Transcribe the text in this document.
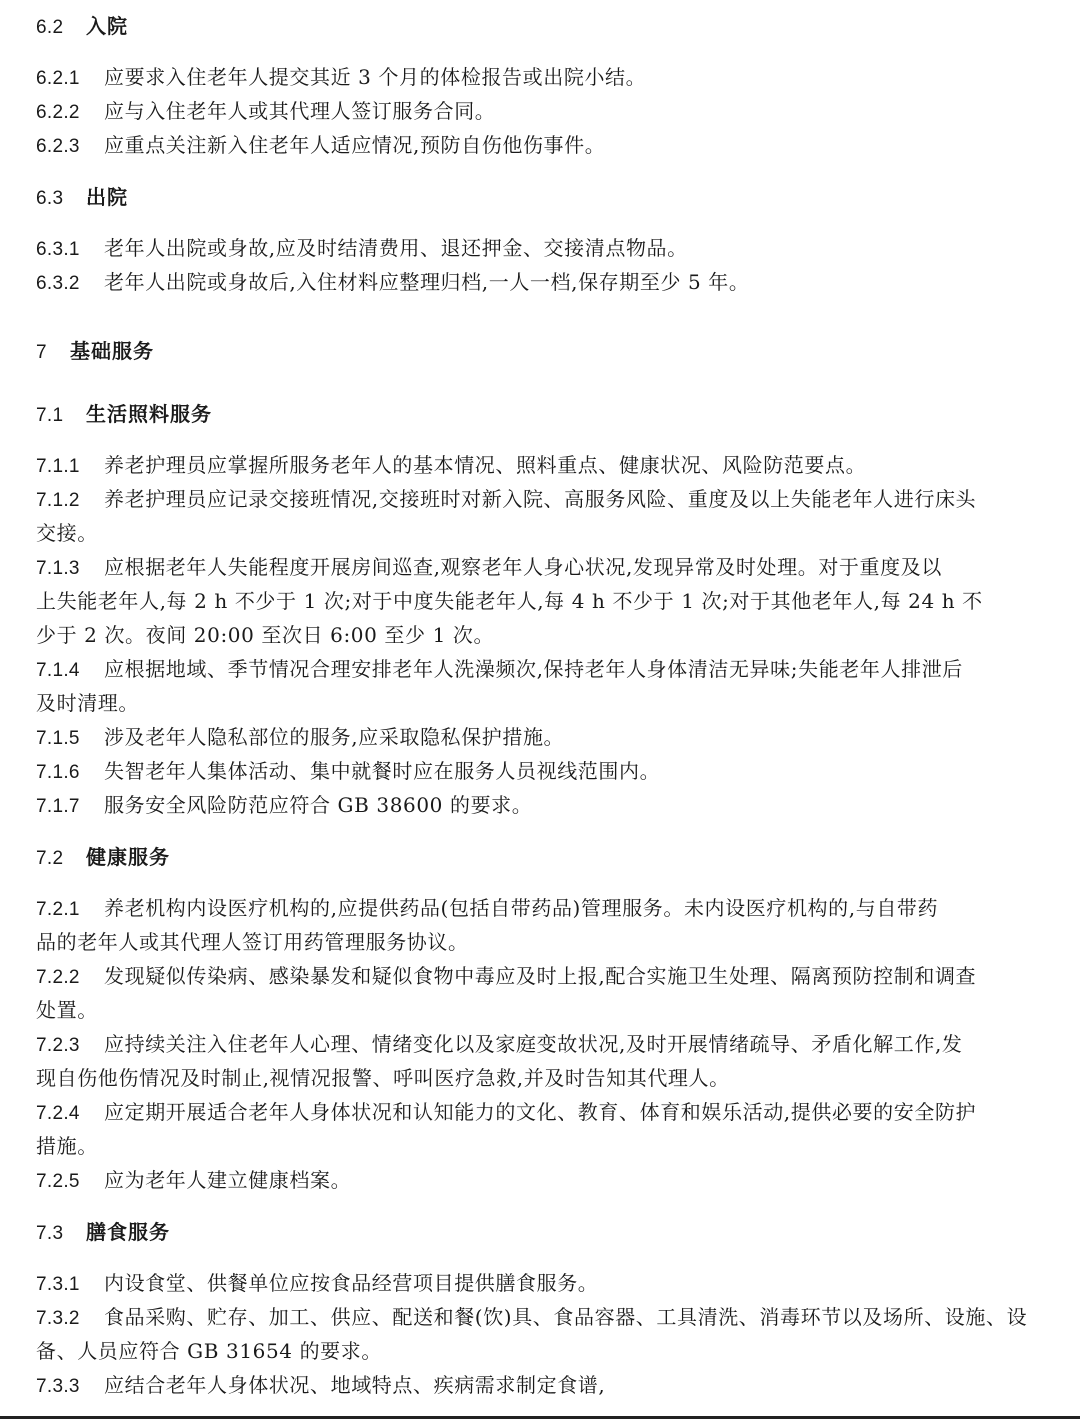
6.2 入院
6.2.1 应要求入住老年人提交其近 3 个月的体检报告或出院小结。
6.2.2 应与入住老年人或其代理人签订服务合同。
6.2.3 应重点关注新入住老年人适应情况,预防自伤他伤事件。
6.3 出院
6.3.1 老年人出院或身故,应及时结清费用、退还押金、交接清点物品。
6.3.2 老年人出院或身故后,入住材料应整理归档,一人一档,保存期至少 5 年。
7 基础服务
7.1 生活照料服务
7.1.1 养老护理员应掌握所服务老年人的基本情况、照料重点、健康状况、风险防范要点。
7.1.2 养老护理员应记录交接班情况,交接班时对新入院、高服务风险、重度及以上失能老年人进行床头
交接。
7.1.3 应根据老年人失能程度开展房间巡查,观察老年人身心状况,发现异常及时处理。对于重度及以
上失能老年人,每 2 h 不少于 1 次;对于中度失能老年人,每 4 h 不少于 1 次;对于其他老年人,每 24 h 不
少于 2 次。夜间 20:00 至次日 6:00 至少 1 次。
7.1.4 应根据地域、季节情况合理安排老年人洗澡频次,保持老年人身体清洁无异味;失能老年人排泄后
及时清理。
7.1.5 涉及老年人隐私部位的服务,应采取隐私保护措施。
7.1.6 失智老年人集体活动、集中就餐时应在服务人员视线范围内。
7.1.7 服务安全风险防范应符合 GB 38600 的要求。
7.2 健康服务
7.2.1 养老机构内设医疗机构的,应提供药品(包括自带药品)管理服务。未内设医疗机构的,与自带药
品的老年人或其代理人签订用药管理服务协议。
7.2.2 发现疑似传染病、感染暴发和疑似食物中毒应及时上报,配合实施卫生处理、隔离预防控制和调查
处置。
7.2.3 应持续关注入住老年人心理、情绪变化以及家庭变故状况,及时开展情绪疏导、矛盾化解工作,发
现自伤他伤情况及时制止,视情况报警、呼叫医疗急救,并及时告知其代理人。
7.2.4 应定期开展适合老年人身体状况和认知能力的文化、教育、体育和娱乐活动,提供必要的安全防护
措施。
7.2.5 应为老年人建立健康档案。
7.3 膳食服务
7.3.1 内设食堂、供餐单位应按食品经营项目提供膳食服务。
7.3.2 食品采购、贮存、加工、供应、配送和餐(饮)具、食品容器、工具清洗、消毒环节以及场所、设施、设
备、人员应符合 GB 31654 的要求。
7.3.3 应结合老年人身体状况、地域特点、疾病需求制定食谱,
